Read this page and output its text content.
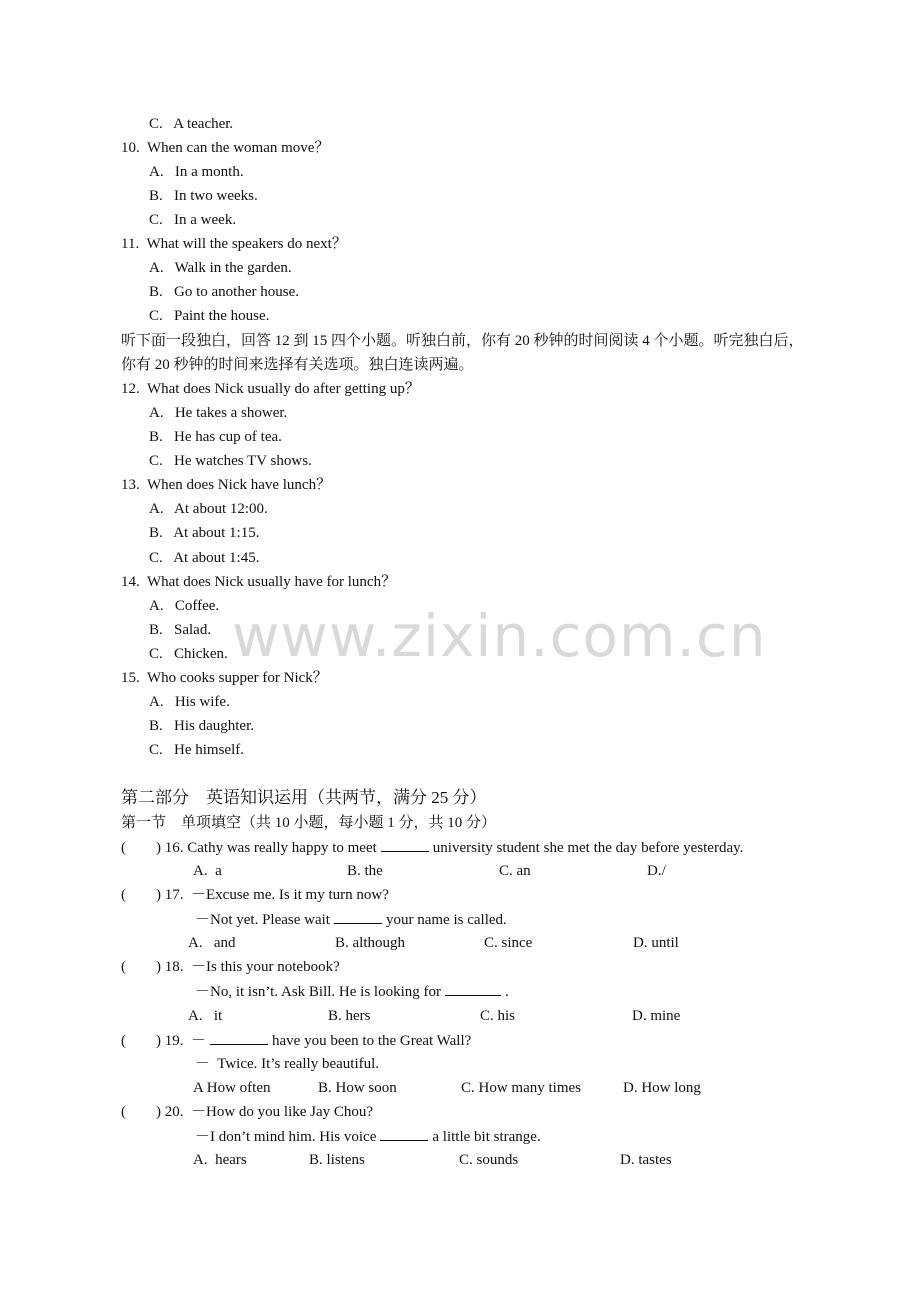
C. A teacher.
10. When can the woman move？
A. In a month.
B. In two weeks.
C. In a week.
11. What will the speakers do next？
A. Walk in the garden.
B. Go to another house.
C. Paint the house.
听下面一段独白，回答 12 到 15 四个小题。听独白前，你有 20 秒钟的时间阅读 4 个小题。听完独白后，你有 20 秒钟的时间来选择有关选项。独白连读两遍。
12. What does Nick usually do after getting up？
A. He takes a shower.
B. He has cup of tea.
C. He watches TV shows.
13. When does Nick have lunch？
A. At about 12:00.
B. At about 1:15.
C. At about 1:45.
14. What does Nick usually have for lunch？
A. Coffee.
B. Salad.
C. Chicken.
15. Who cooks supper for Nick？
A. His wife.
B. His daughter.
C. He himself.
www.zixin.com.cn
第二部分　英语知识运用（共两节，满分 25 分）
第一节　单项填空（共 10 小题，每小题 1 分，共 10 分）
( ) 16. Cathy was really happy to meet	university student she met the day before yesterday.
A.  a	B. the	C. an	D./
( ) 17. －Excuse me. Is it my turn now?
－Not yet. Please wait	your name is called.
A.   and	B. although	C. since	D. until
( ) 18. －Is this your notebook?
－No, it isn’t. Ask Bill. He is looking for	.
A.   it	B. hers	C. his	D. mine
( ) 19. －	have you been to the Great Wall?
－  Twice. It’s really beautiful.
A How often	B. How soon	C. How many times	D. How long
( ) 20. －How do you like Jay Chou?
－I don’t mind him. His voice	a little bit strange.
A.  hears	B. listens	C. sounds	D. tastes
